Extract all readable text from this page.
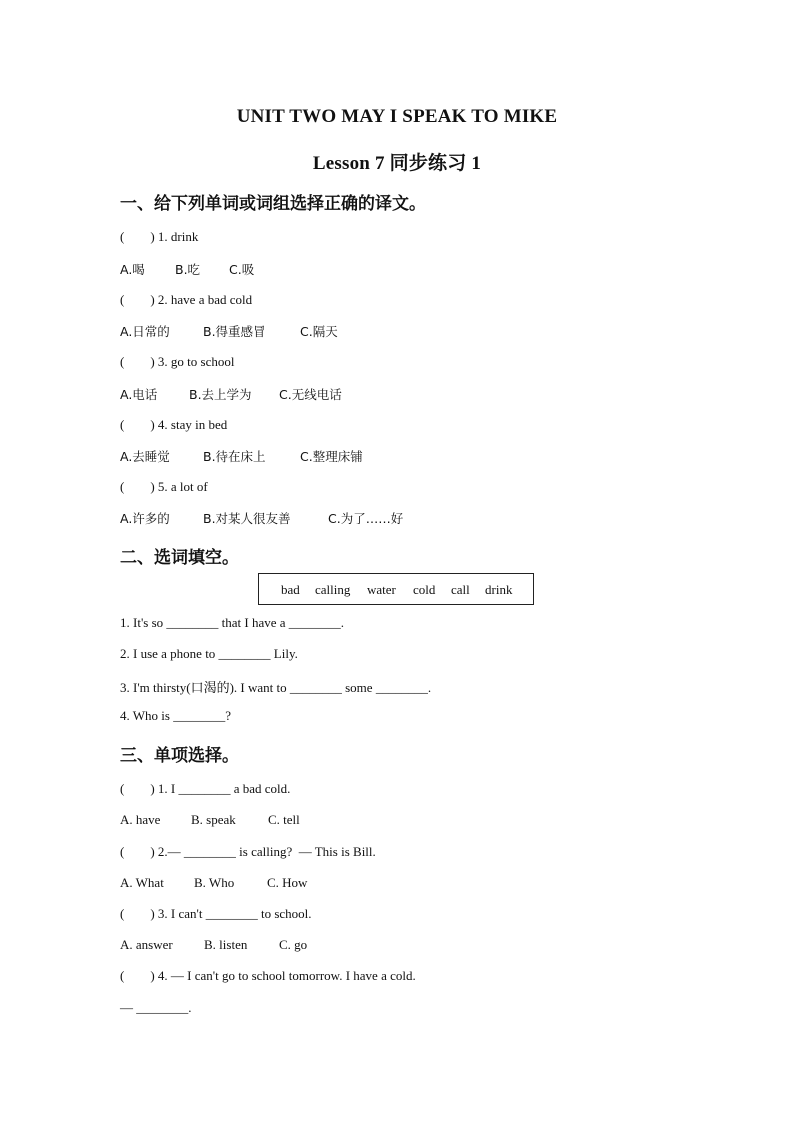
UNIT TWO MAY I SPEAK TO MIKE
Lesson 7 同步练习 1
一、给下列单词或词组选择正确的译文。
(        ) 1. drink
A.喝 B.吃 C.吸
(        ) 2. have a bad cold
A.日常的	B.得重感冒	C.隔天
(        ) 3. go to school
A.电话	B.去上学为 C.无线电话
(        ) 4. stay in bed
A.去睡觉	B.待在床上	C.整理床铺
(        ) 5. a lot of
A.许多的	B.对某人很友善	C.为了……好
二、选词填空。
bad calling water cold call drink
1. It's so ________ that I have a ________.
2. I use a phone to ________ Lily.
3. I'm thirsty(口渴的). I want to ________ some ________.
4. Who is ________?
三、单项选择。
(        ) 1. I ________ a bad cold.
A. have B. speak C. tell
(        ) 2.— ________ is calling?  — This is Bill.
A. What B. Who	C. How
(        ) 3. I can't ________ to school.
A. answer B. listen C. go
(        ) 4. — I can't go to school tomorrow. I have a cold.
— ________.
